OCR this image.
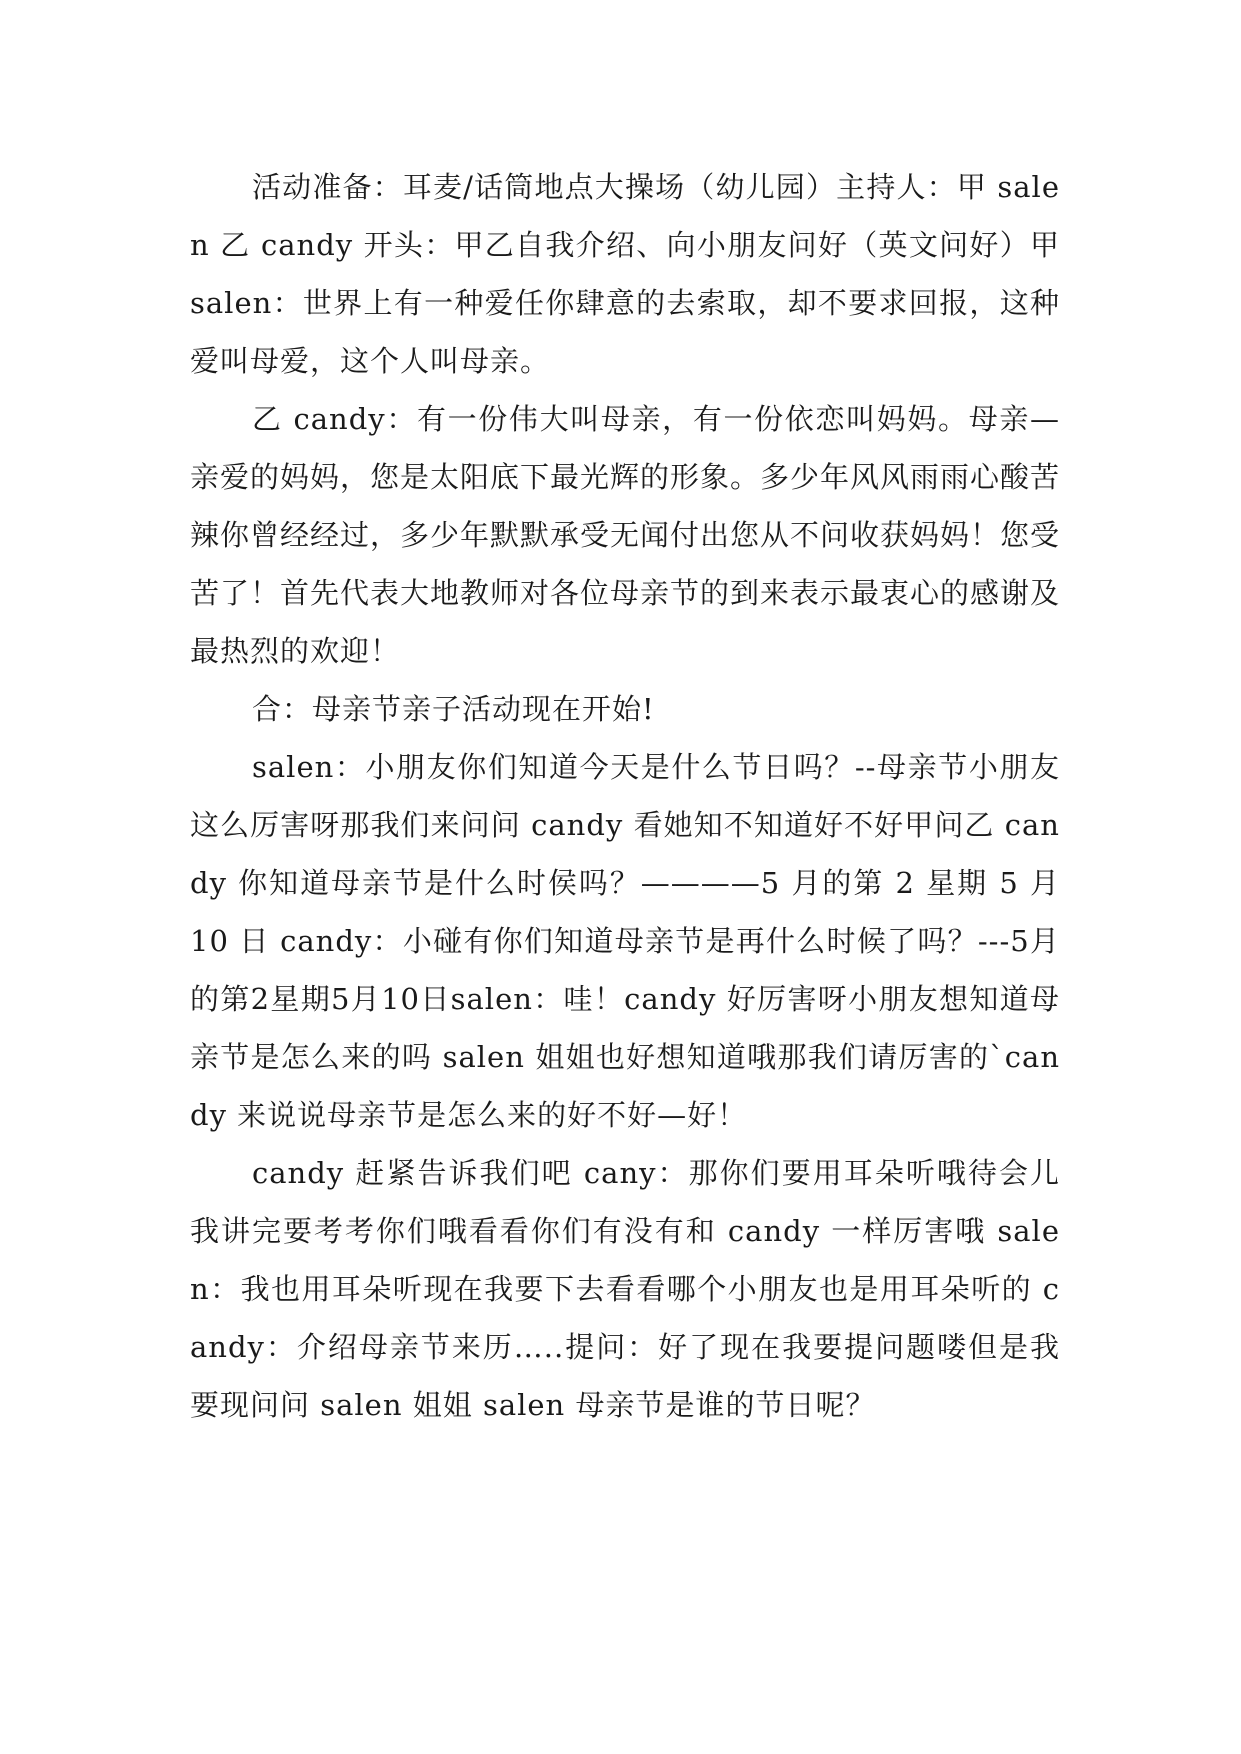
活动准备：耳麦/话筒地点大操场（幼儿园）主持人：甲 salen 乙 candy 开头：甲乙自我介绍、向小朋友问好（英文问好）甲 salen：世界上有一种爱任你肆意的去索取，却不要求回报，这种爱叫母爱，这个人叫母亲。

乙 candy：有一份伟大叫母亲，有一份依恋叫妈妈。母亲—亲爱的妈妈，您是太阳底下最光辉的形象。多少年风风雨雨心酸苦辣你曾经经过，多少年默默承受无闻付出您从不问收获妈妈！您受苦了！首先代表大地教师对各位母亲节的到来表示最衷心的感谢及最热烈的欢迎！

合：母亲节亲子活动现在开始!

salen：小朋友你们知道今天是什么节日吗？--母亲节小朋友这么厉害呀那我们来问问 candy 看她知不知道好不好甲问乙 candy 你知道母亲节是什么时侯吗？————5 月的第 2 星期 5 月 10 日 candy：小碰有你们知道母亲节是再什么时候了吗？---5月的第2星期5月10日salen：哇！candy 好厉害呀小朋友想知道母亲节是怎么来的吗 salen 姐姐也好想知道哦那我们请厉害的`candy 来说说母亲节是怎么来的好不好—好！

candy 赶紧告诉我们吧 cany：那你们要用耳朵听哦待会儿我讲完要考考你们哦看看你们有没有和 candy 一样厉害哦 salen：我也用耳朵听现在我要下去看看哪个小朋友也是用耳朵听的 candy：介绍母亲节来历…..提问：好了现在我要提问题喽但是我要现问问 salen 姐姐 salen 母亲节是谁的节日呢？
